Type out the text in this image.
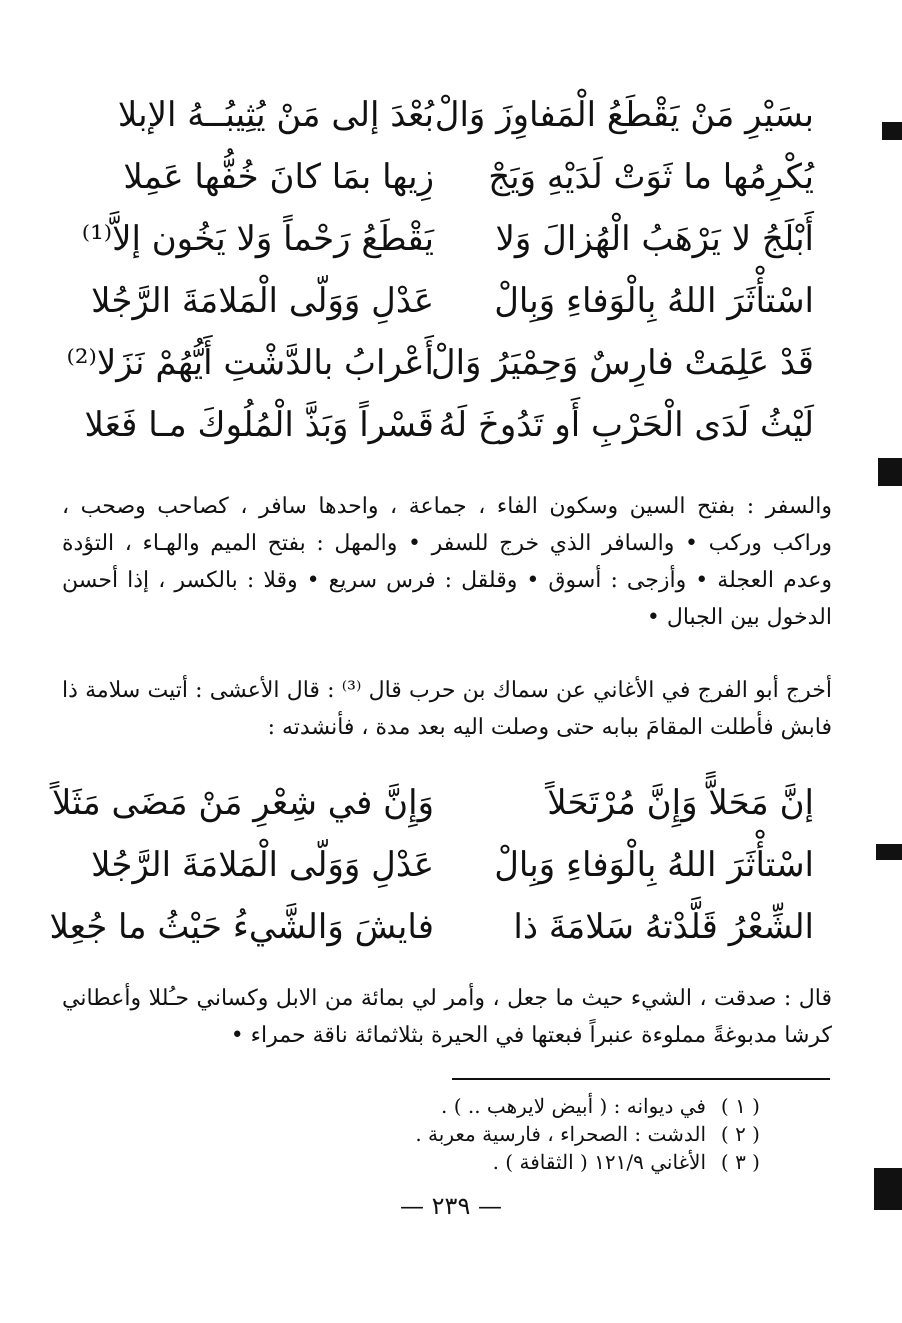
بسَيْرِ مَنْ يَقْطَعُ الْمَفاوِزَ وَالْ
بُعْدَ إلى مَنْ يُثِيبُــهُ الإبلا
يُكْرِمُها ما ثَوَتْ لَدَيْهِ وَيَجْ
زِيها بمَا كانَ خُفُّها عَمِلا
أَبْلَجُ لا يَرْهَبُ الْهُزالَ وَلا
يَقْطَعُ رَحْماً وَلا يَخُون إلاَّ⁽¹⁾
اسْتأْثَرَ اللهُ بِالْوَفاءِ وَبِالْ
عَدْلِ وَوَلّى الْمَلامَةَ الرَّجُلا
قَدْ عَلِمَتْ فارِسٌ وَحِمْيَرُ وَالْ
أَعْرابُ بالدَّشْتِ أَيُّهُمْ نَزَلا⁽²⁾
لَيْثُ لَدَى الْحَرْبِ أَو تَدُوخَ لَهُ
قَسْراً وَبَذَّ الْمُلُوكَ مـا فَعَلا

والسفر : بفتح السين وسكون الفاء ، جماعة ، واحدها سافر ، كصاحب وصحب ، وراكب وركب • والسافر الذي خرج للسفر • والمهل : بفتح الميم والهـاء ، التؤدة وعدم العجلة • وأزجى : أسوق • وقلقل : فرس سريع • وقلا : بالكسر ، إذا أحسن الدخول بين الجبال •

أخرج أبو الفرج في الأغاني عن سماك بن حرب قال ⁽³⁾ : قال الأعشى : أتيت سلامة ذا فابش فأطلت المقامَ ببابه حتى وصلت اليه بعد مدة ، فأنشدته :

إنَّ مَحَلاًّ وَإِنَّ مُرْتَحَلاً
وَإِنَّ في شِعْرِ مَنْ مَضَى مَثَلاً
اسْتأْثَرَ اللهُ بِالْوَفاءِ وَبِالْ
عَدْلِ وَوَلّى الْمَلامَةَ الرَّجُلا
الشِّعْرُ قَلَّدْتهُ سَلامَةَ ذا
فايشَ وَالشَّيءُ حَيْثُ ما جُعِلا

قال : صدقت ، الشيء حيث ما جعل ، وأمر لي بمائة من الابل وكساني حـُللا وأعطاني كرشا مدبوغةً مملوءة عنبراً فبعتها في الحيرة بثلاثمائة ناقة حمراء •

( ١ )
في ديوانه : ( أبيض لايرهب .. ) .
( ٢ )
الدشت : الصحراء ، فارسية معربة .
( ٣ )
الأغاني ١٢١/٩ ( الثقافة ) .
— ٢٣٩ —
